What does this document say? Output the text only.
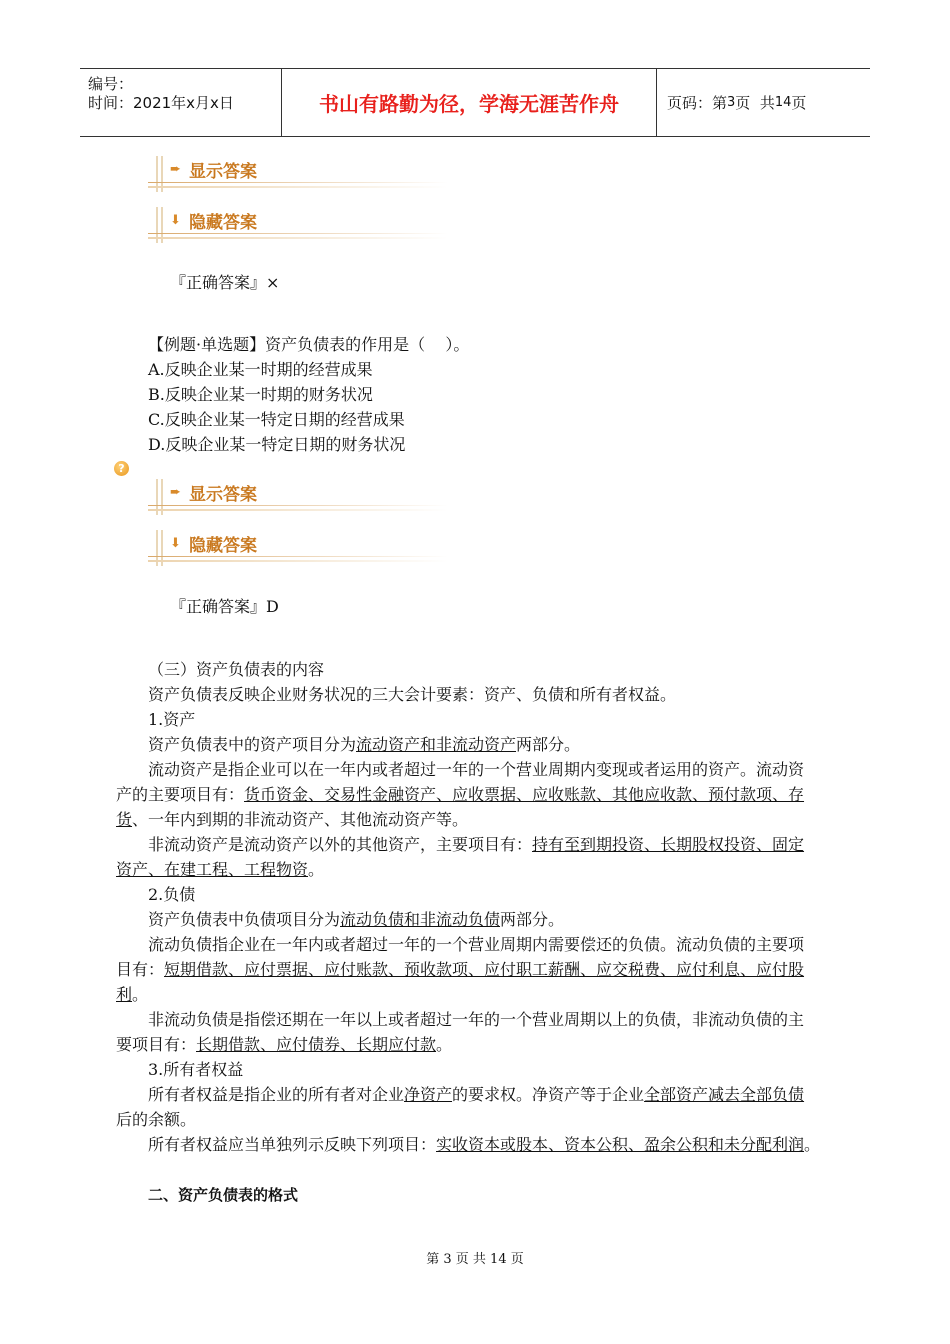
编号：
时间：2021年x月x日	书山有路勤为径，学海无涯苦作舟	页码：第 3 页  共 14 页
➨ 显示答案
⬇ 隐藏答案
『正确答案』×
【例题·单选题】资产负债表的作用是（    ）。
A.反映企业某一时期的经营成果
B.反映企业某一时期的财务状况
C.反映企业某一特定日期的经营成果
D.反映企业某一特定日期的财务状况
?
➨ 显示答案
⬇ 隐藏答案
『正确答案』D
（三）资产负债表的内容
资产负债表反映企业财务状况的三大会计要素：资产、负债和所有者权益。
1.资产
资产负债表中的资产项目分为流动资产和非流动资产两部分。
流动资产是指企业可以在一年内或者超过一年的一个营业周期内变现或者运用的资产。流动资
产的主要项目有：货币资金、交易性金融资产、应收票据、应收账款、其他应收款、预付款项、存
货、一年内到期的非流动资产、其他流动资产等。
非流动资产是流动资产以外的其他资产，主要项目有：持有至到期投资、长期股权投资、固定
资产、在建工程、工程物资。
2.负债
资产负债表中负债项目分为流动负债和非流动负债两部分。
流动负债指企业在一年内或者超过一年的一个营业周期内需要偿还的负债。流动负债的主要项
目有：短期借款、应付票据、应付账款、预收款项、应付职工薪酬、应交税费、应付利息、应付股
利。
非流动负债是指偿还期在一年以上或者超过一年的一个营业周期以上的负债，非流动负债的主
要项目有：长期借款、应付债券、长期应付款。
3.所有者权益
所有者权益是指企业的所有者对企业净资产的要求权。净资产等于企业全部资产减去全部负债
后的余额。
所有者权益应当单独列示反映下列项目：实收资本或股本、资本公积、盈余公积和未分配利润。
二、资产负债表的格式
第 3 页 共 14 页
